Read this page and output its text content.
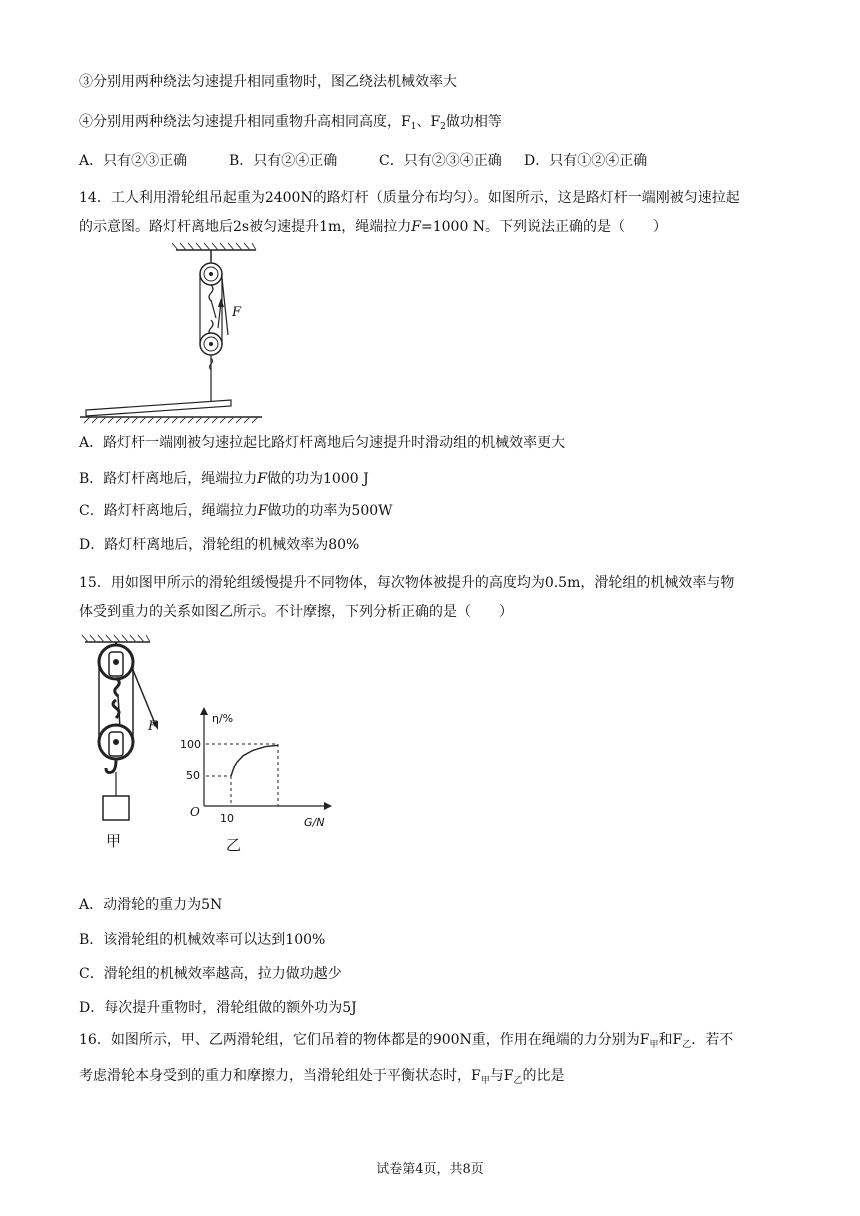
③分别用两种绕法匀速提升相同重物时，图乙绕法机械效率大
④分别用两种绕法匀速提升相同重物升高相同高度，$F_1$、$F_2$做功相等
A．只有②③正确	B．只有②④正确	C．只有②③④正确 D．只有①②④正确
14．工人利用滑轮组吊起重为2400N的路灯杆（质量分布均匀）。如图所示，这是路灯杆一端刚被匀速拉起
的示意图。路灯杆离地后2s被匀速提升1m，绳端拉力F=1000 N。下列说法正确的是（　　）
F
A．路灯杆一端刚被匀速拉起比路灯杆离地后匀速提升时滑动组的机械效率更大
B．路灯杆离地后，绳端拉力F做的功为1000 J
C．路灯杆离地后，绳端拉力F做功的功率为500W
D．路灯杆离地后，滑轮组的机械效率为80%
15．用如图甲所示的滑轮组缓慢提升不同物体，每次物体被提升的高度均为0.5m，滑轮组的机械效率与物
体受到重力的关系如图乙所示。不计摩擦，下列分析正确的是（　　）
F
甲
η/%
G/N
O
100
50
10
乙
A．动滑轮的重力为5N
B．该滑轮组的机械效率可以达到100%
C．滑轮组的机械效率越高，拉力做功越少
D．每次提升重物时，滑轮组做的额外功为5J
16．如图所示，甲、乙两滑轮组，它们吊着的物体都是的900N重，作用在绳端的力分别为$F_甲$和$F_乙$．若不
考虑滑轮本身受到的重力和摩擦力，当滑轮组处于平衡状态时，$F_甲$与$F_乙$的比是
试卷第4页，共8页
